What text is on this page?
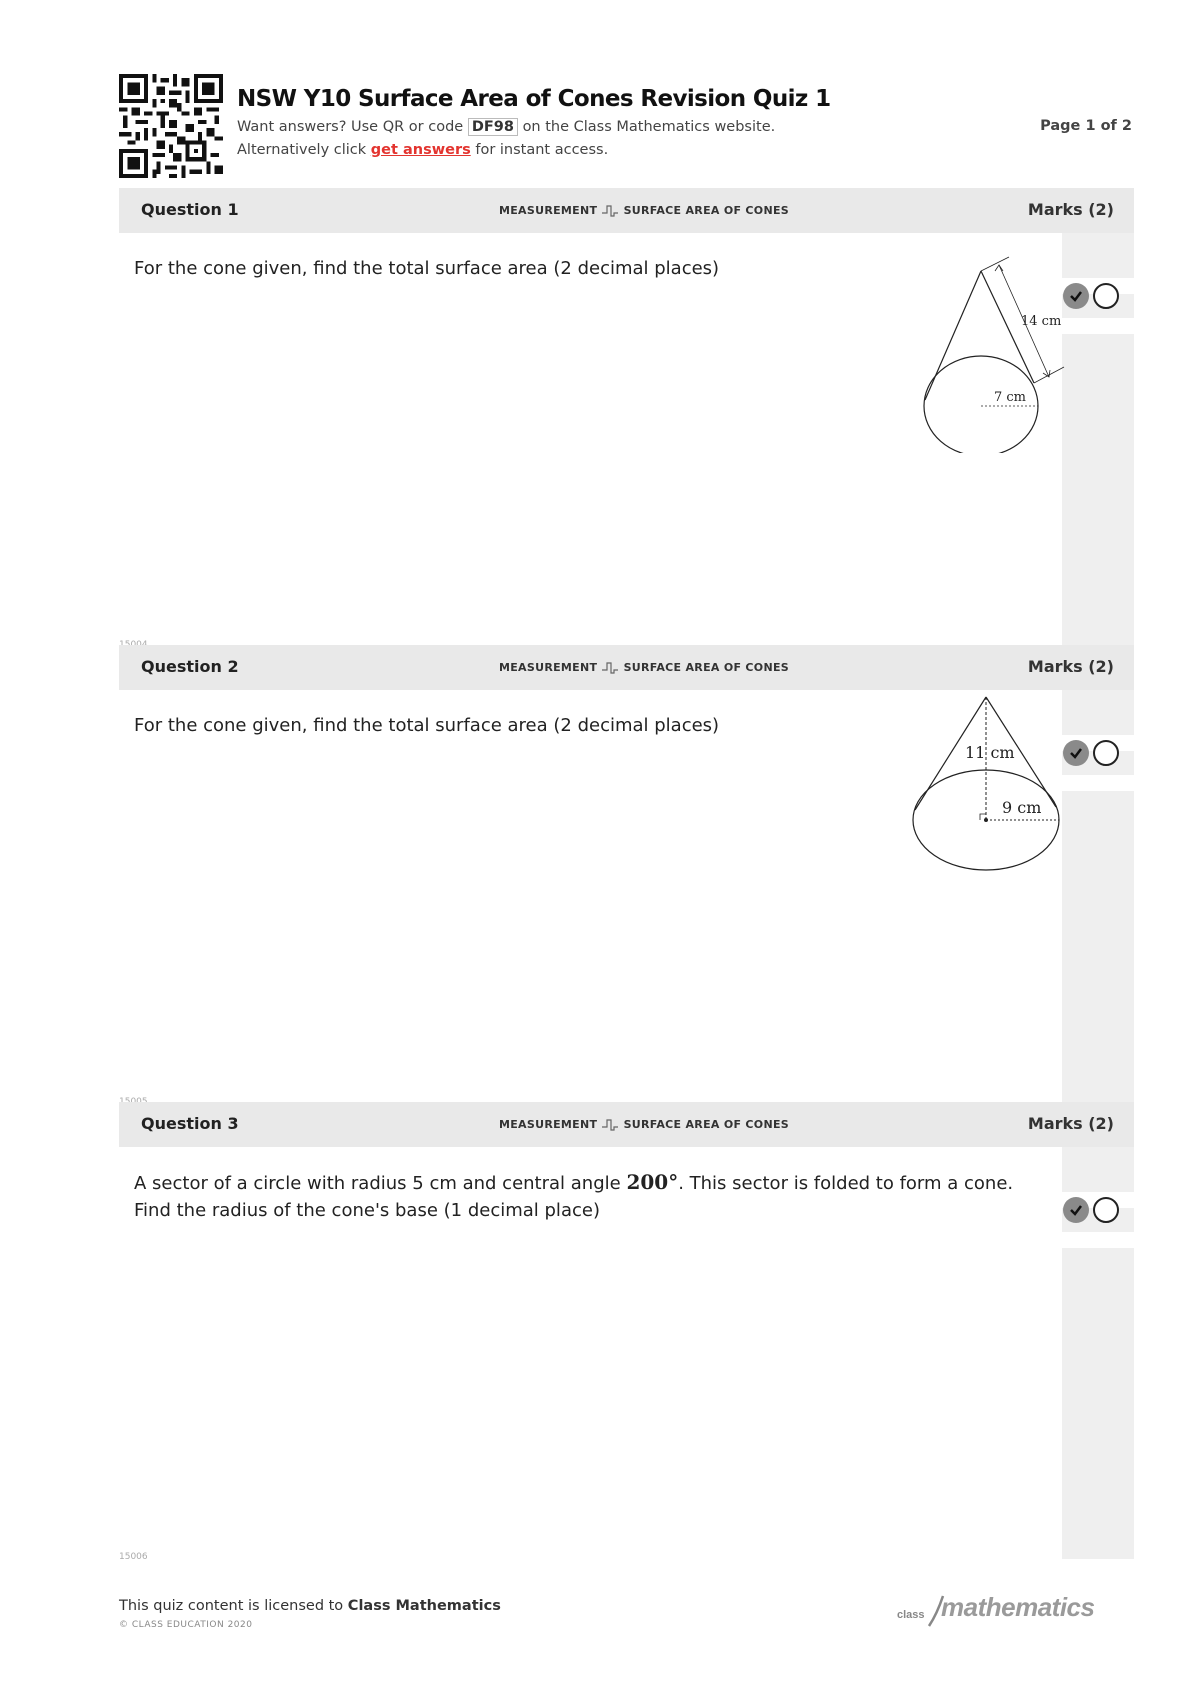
NSW Y10 Surface Area of Cones Revision Quiz 1
Want answers? Use QR or code DF98 on the Class Mathematics website.
Alternatively click get answers for instant access.
Page 1 of 2
Question 1	MEASUREMENT SURFACE AREA OF CONES	Marks (2)
For the cone given, find the total surface area (2 decimal places)
14 cm
7 cm
Question 2	MEASUREMENT SURFACE AREA OF CONES	Marks (2)
For the cone given, find the total surface area (2 decimal places)
11 cm
9 cm
Question 3	MEASUREMENT SURFACE AREA OF CONES	Marks (2)
A sector of a circle with radius 5 cm and central angle 200°. This sector is folded to form a cone.
Find the radius of the cone's base (1 decimal place)
15006
This quiz content is licensed to Class Mathematics
© CLASS EDUCATION 2020
class mathematics
